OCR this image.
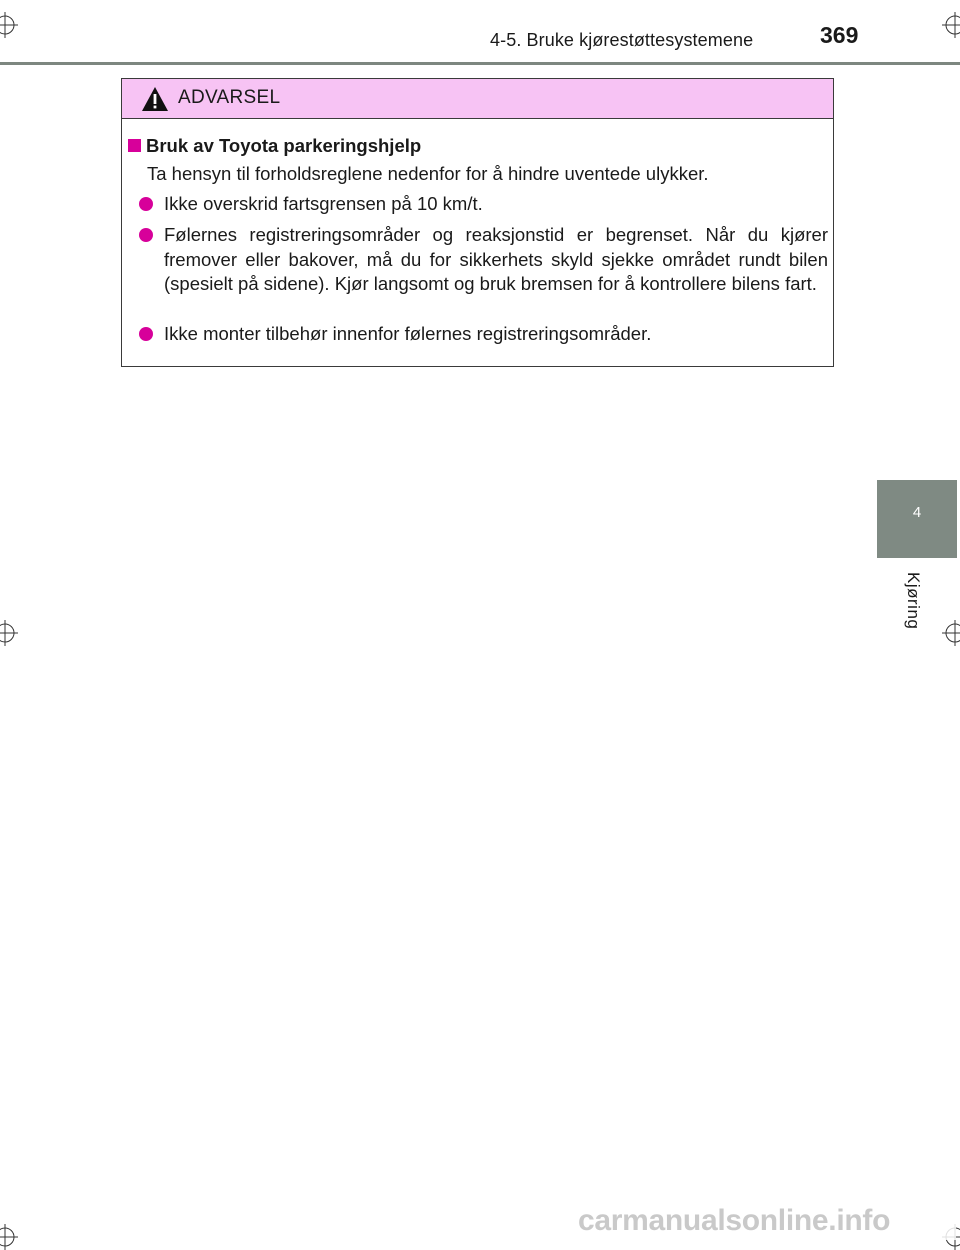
4-5. Bruke kjørestøttesystemene	369
ADVARSEL
Bruk av Toyota parkeringshjelp
Ta hensyn til forholdsreglene nedenfor for å hindre uventede ulykker.
Ikke overskrid fartsgrensen på 10 km/t.
Følernes registreringsområder og reaksjonstid er begrenset. Når du kjører fremover eller bakover, må du for sikkerhets skyld sjekke området rundt bilen (spesielt på sidene). Kjør langsomt og bruk bremsen for å kontrollere bilens fart.
Ikke monter tilbehør innenfor følernes registreringsområder.
4
Kjøring
carmanualsonline.info
